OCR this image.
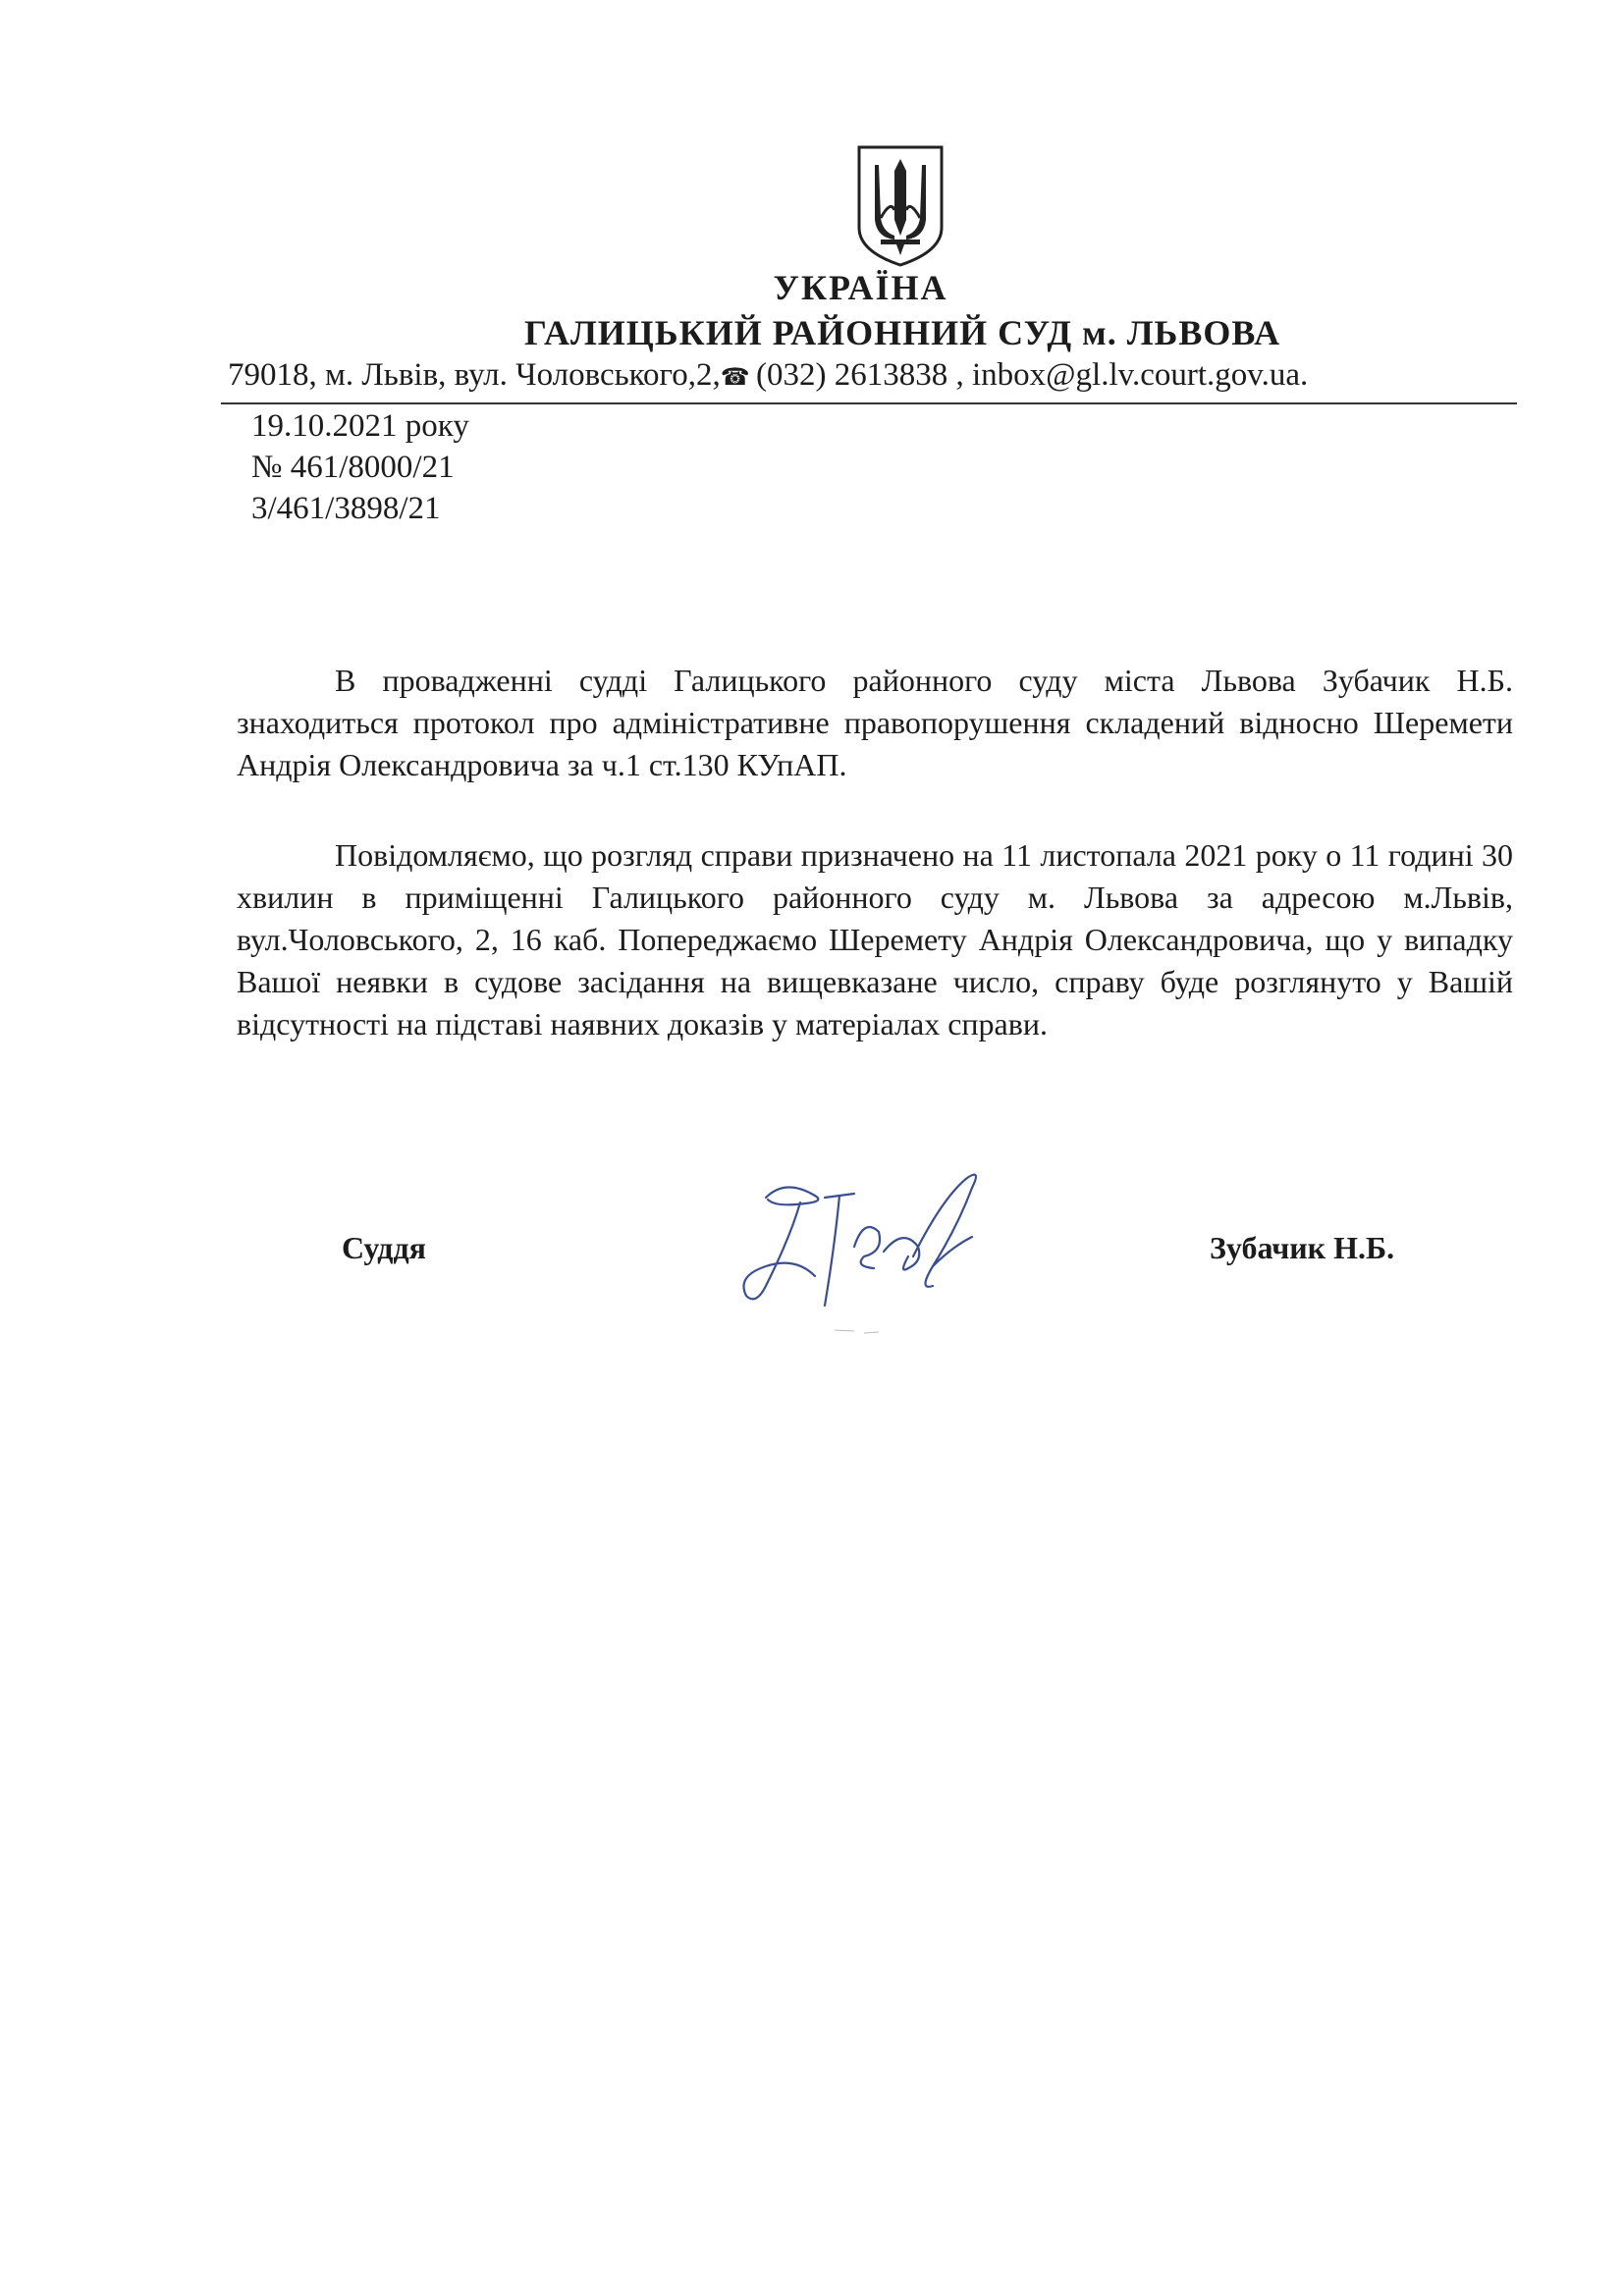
УКРАЇНА
ГАЛИЦЬКИЙ РАЙОННИЙ СУД м. ЛЬВОВА
79018, м. Львів, вул. Чоловського,2,☎ (032) 2613838 , inbox@gl.lv.court.gov.ua.
19.10.2021 року
№ 461/8000/21
3/461/3898/21

В провадженні судді Галицького районного суду міста Львова Зубачик Н.Б. знаходиться протокол про адміністративне правопорушення складений відносно Шеремети Андрія Олександровича за ч.1 ст.130 КУпАП.

Повідомляємо, що розгляд справи призначено на 11 листопала 2021 року о 11 годині 30 хвилин в приміщенні Галицького районного суду м. Львова за адресою м.Львів, вул.Чоловського, 2, 16 каб. Попереджаємо Шеремету Андрія Олександровича, що у випадку Вашої неявки в судове засідання на вищевказане число, справу буде розглянуто у Вашій відсутності на підставі наявних доказів у матеріалах справи.

Суддя	Зубачик Н.Б.
